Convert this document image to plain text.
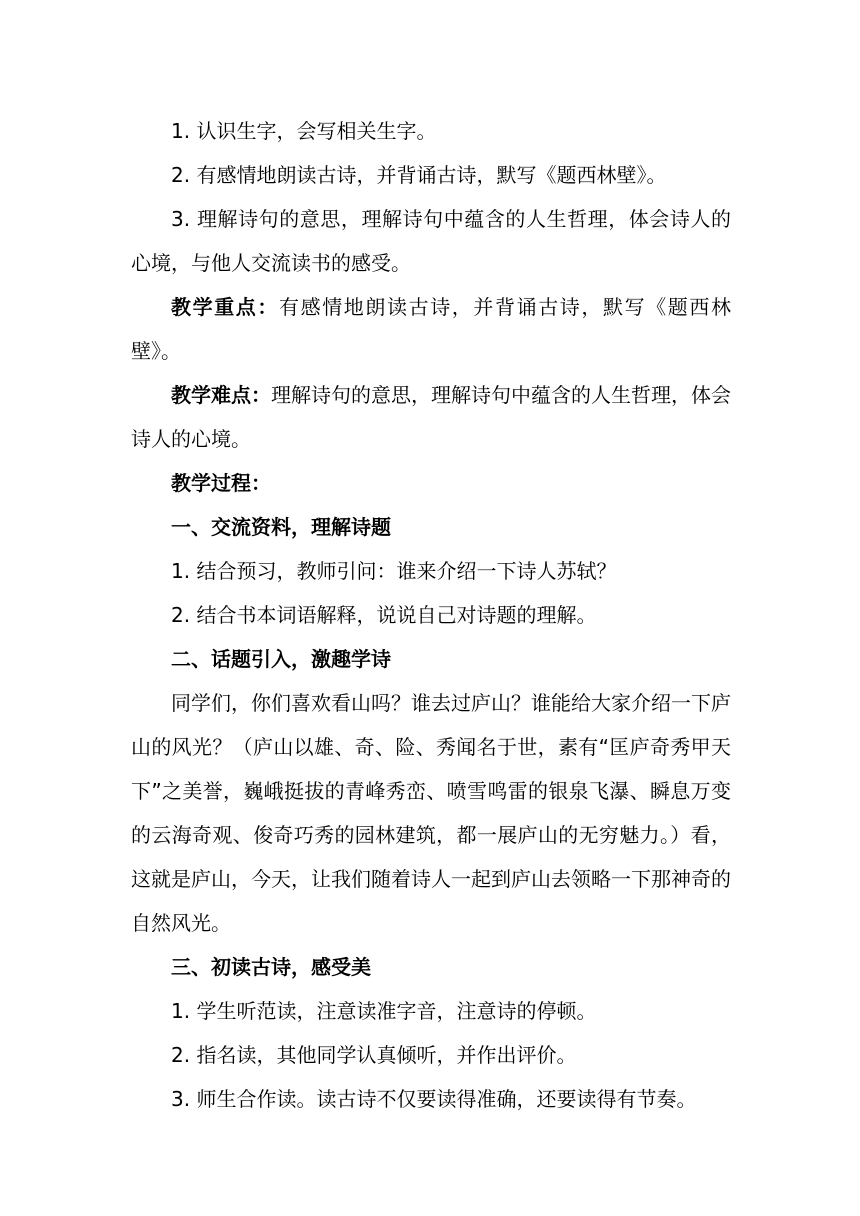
1. 认识生字，会写相关生字。

2. 有感情地朗读古诗，并背诵古诗，默写《题西林壁》。

3. 理解诗句的意思，理解诗句中蕴含的人生哲理，体会诗人的心境，与他人交流读书的感受。

教学重点：有感情地朗读古诗，并背诵古诗，默写《题西林壁》。

教学难点：理解诗句的意思，理解诗句中蕴含的人生哲理，体会诗人的心境。

教学过程：

一、交流资料，理解诗题

1. 结合预习，教师引问：谁来介绍一下诗人苏轼？

2. 结合书本词语解释，说说自己对诗题的理解。

二、话题引入，激趣学诗

同学们，你们喜欢看山吗？谁去过庐山？谁能给大家介绍一下庐山的风光？（庐山以雄、奇、险、秀闻名于世，素有“匡庐奇秀甲天下”之美誉，巍峨挺拔的青峰秀峦、喷雪鸣雷的银泉飞瀑、瞬息万变的云海奇观、俊奇巧秀的园林建筑，都一展庐山的无穷魅力。）看，这就是庐山，今天，让我们随着诗人一起到庐山去领略一下那神奇的自然风光。

三、初读古诗，感受美

1. 学生听范读，注意读准字音，注意诗的停顿。

2. 指名读，其他同学认真倾听，并作出评价。

3. 师生合作读。读古诗不仅要读得准确，还要读得有节奏。
